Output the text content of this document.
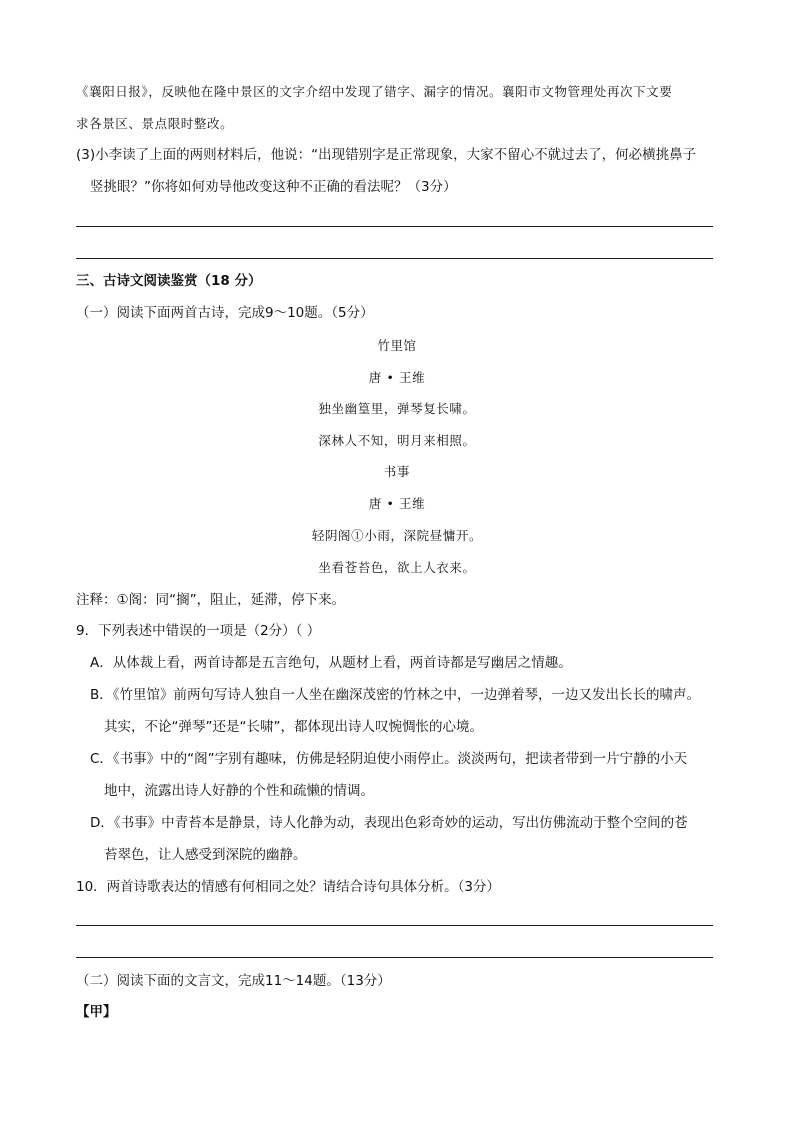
《襄阳日报》，反映他在隆中景区的文字介绍中发现了错字、漏字的情况。襄阳市文物管理处再次下文要
求各景区、景点限时整改。
(3)小李读了上面的两则材料后，他说：“出现错别字是正常现象，大家不留心不就过去了，何必横挑鼻子
竖挑眼？”你将如何劝导他改变这种不正确的看法呢？（3分）
三、古诗文阅读鉴赏（18 分）
（一）阅读下面两首古诗，完成9～10题。（5分）
竹里馆
唐 • 王维
独坐幽篁里，弹琴复长啸。
深林人不知，明月来相照。
书事
唐 • 王维
轻阴阁①小雨，深院昼慵开。
坐看苍苔色，欲上人衣来。
注释：①阁：同“搁”，阻止，延滞，停下来。
9．下列表述中错误的一项是（2分）（ ）
A．从体裁上看，两首诗都是五言绝句，从题材上看，两首诗都是写幽居之情趣。
B．《竹里馆》前两句写诗人独自一人坐在幽深茂密的竹林之中，一边弹着琴，一边又发出长长的啸声。
其实，不论“弹琴”还是“长啸”，都体现出诗人叹惋惆怅的心境。
C．《书事》中的“阁”字别有趣味，仿佛是轻阴迫使小雨停止。淡淡两句，把读者带到一片宁静的小天
地中，流露出诗人好静的个性和疏懒的情调。
D．《书事》中青苔本是静景，诗人化静为动，表现出色彩奇妙的运动，写出仿佛流动于整个空间的苍
苔翠色，让人感受到深院的幽静。
10．两首诗歌表达的情感有何相同之处？请结合诗句具体分析。（3分）
（二）阅读下面的文言文，完成11～14题。（13分）
【甲】
